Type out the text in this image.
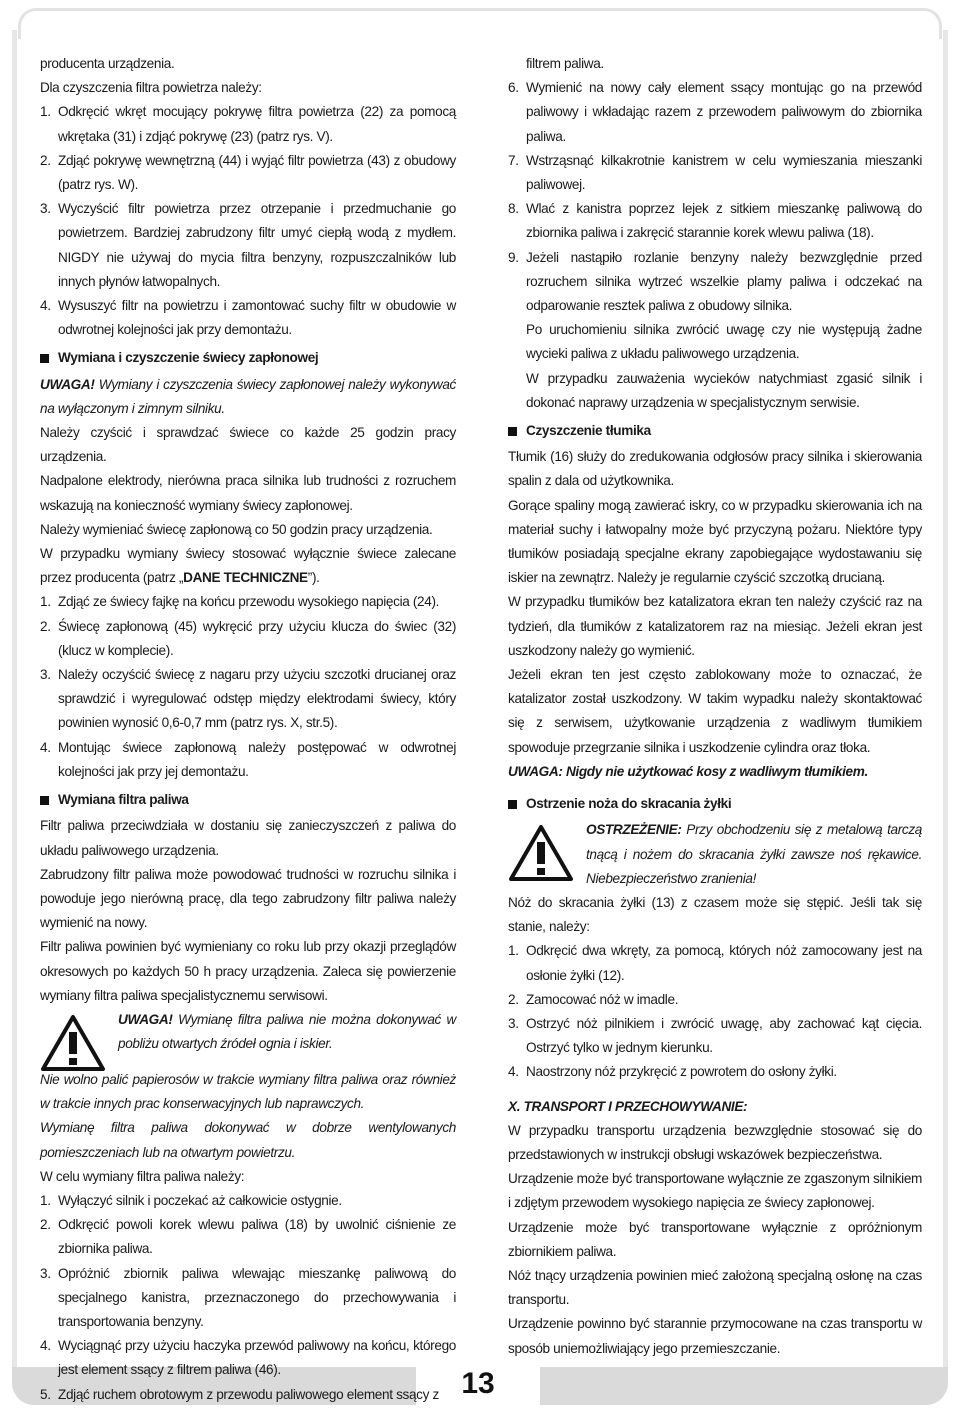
13

producenta urządzenia.

Dla czyszczenia filtra powietrza należy:

1. Odkręcić wkręt mocujący pokrywę filtra powietrza (22) za pomocą wkrętaka (31) i zdjąć pokrywę (23) (patrz rys. V).
2. Zdjąć pokrywę wewnętrzną (44) i wyjąć filtr powietrza (43) z obudowy (patrz rys. W).
3. Wyczyścić filtr powietrza przez otrzepanie i przedmuchanie go powietrzem. Bardziej zabrudzony filtr umyć ciepłą wodą z mydłem. NIGDY nie używaj do mycia filtra benzyny, rozpuszczalników lub innych płynów łatwopalnych.
4. Wysuszyć filtr na powietrzu i zamontować suchy filtr w obudowie w odwrotnej kolejności jak przy demontażu.
Wymiana i czyszczenie świecy zapłonowej

UWAGA! Wymiany i czyszczenia świecy zapłonowej należy wykonywać na wyłączonym i zimnym silniku.

Należy czyścić i sprawdzać świece co każde 25 godzin pracy urządzenia.

Nadpalone elektrody, nierówna praca silnika lub trudności z rozruchem wskazują na konieczność wymiany świecy zapłonowej.

Należy wymieniać świecę zapłonową co 50 godzin pracy urządzenia.

W przypadku wymiany świecy stosować wyłącznie świece zalecane przez producenta (patrz „DANE TECHNICZNE”).

1. Zdjąć ze świecy fajkę na końcu przewodu wysokiego napięcia (24).
2. Świecę zapłonową (45) wykręcić przy użyciu klucza do świec (32) (klucz w komplecie).
3. Należy oczyścić świecę z nagaru przy użyciu szczotki drucianej oraz sprawdzić i wyregulować odstęp między elektrodami świecy, który powinien wynosić 0,6-0,7 mm (patrz rys. X, str.5).
4. Montując świece zapłonową należy postępować w odwrotnej kolejności jak przy jej demontażu.
Wymiana filtra paliwa

Filtr paliwa przeciwdziała w dostaniu się zanieczyszczeń z paliwa do układu paliwowego urządzenia.

Zabrudzony filtr paliwa może powodować trudności w rozruchu silnika i powoduje jego nierówną pracę, dla tego zabrudzony filtr paliwa należy wymienić na nowy.

Filtr paliwa powinien być wymieniany co roku lub przy okazji przeglądów okresowych po każdych 50 h pracy urządzenia. Zaleca się powierzenie wymiany filtra paliwa specjalistycznemu serwisowi.

UWAGA! Wymianę filtra paliwa nie można dokonywać w pobliżu otwartych źródeł ognia i iskier.

Nie wolno palić papierosów w trakcie wymiany filtra paliwa oraz również w trakcie innych prac konserwacyjnych lub naprawczych.

Wymianę filtra paliwa dokonywać w dobrze wentylowanych pomieszczeniach lub na otwartym powietrzu.

W celu wymiany filtra paliwa należy:

1. Wyłączyć silnik i poczekać aż całkowicie ostygnie.
2. Odkręcić powoli korek wlewu paliwa (18) by uwolnić ciśnienie ze zbiornika paliwa.
3. Opróżnić zbiornik paliwa wlewając mieszankę paliwową do specjalnego kanistra, przeznaczonego do przechowywania i transportowania benzyny.
4. Wyciągnąć przy użyciu haczyka przewód paliwowy na końcu, którego jest element ssący z filtrem paliwa (46).
5. Zdjąć ruchem obrotowym z przewodu paliwowego element ssący z

filtrem paliwa.

6. Wymienić na nowy cały element ssący montując go na przewód paliwowy i wkładając razem z przewodem paliwowym do zbiornika paliwa.
7. Wstrząsnąć kilkakrotnie kanistrem w celu wymieszania mieszanki paliwowej.
8. Wlać z kanistra poprzez lejek z sitkiem mieszankę paliwową do zbiornika paliwa i zakręcić starannie korek wlewu paliwa (18).
9. Jeżeli nastąpiło rozlanie benzyny należy bezwzględnie przed rozruchem silnika wytrzeć wszelkie plamy paliwa i odczekać na odparowanie resztek paliwa z obudowy silnika.

Po uruchomieniu silnika zwrócić uwagę czy nie występują żadne wycieki paliwa z układu paliwowego urządzenia.

W przypadku zauważenia wycieków natychmiast zgasić silnik i dokonać naprawy urządzenia w specjalistycznym serwisie.

Czyszczenie tłumika

Tłumik (16) służy do zredukowania odgłosów pracy silnika i skierowania spalin z dala od użytkownika.

Gorące spaliny mogą zawierać iskry, co w przypadku skierowania ich na materiał suchy i łatwopalny może być przyczyną pożaru. Niektóre typy tłumików posiadają specjalne ekrany zapobiegające wydostawaniu się iskier na zewnątrz. Należy je regularnie czyścić szczotką drucianą.

W przypadku tłumików bez katalizatora ekran ten należy czyścić raz na tydzień, dla tłumików z katalizatorem raz na miesiąc. Jeżeli ekran jest uszkodzony należy go wymienić.

Jeżeli ekran ten jest często zablokowany może to oznaczać, że katalizator został uszkodzony. W takim wypadku należy skontaktować się z serwisem, użytkowanie urządzenia z wadliwym tłumikiem spowoduje przegrzanie silnika i uszkodzenie cylindra oraz tłoka.

UWAGA: Nigdy nie użytkować kosy z wadliwym tłumikiem.

Ostrzenie noża do skracania żyłki

OSTRZEŻENIE: Przy obchodzeniu się z metalową tarczą tnącą i nożem do skracania żyłki zawsze noś rękawice. Niebezpieczeństwo zranienia!

Nóż do skracania żyłki (13) z czasem może się stępić. Jeśli tak się stanie, należy:

1. Odkręcić dwa wkręty, za pomocą, których nóż zamocowany jest na osłonie żyłki (12).
2. Zamocować nóż w imadle.
3. Ostrzyć nóż pilnikiem i zwrócić uwagę, aby zachować kąt cięcia. Ostrzyć tylko w jednym kierunku.
4. Naostrzony nóż przykręcić z powrotem do osłony żyłki.

X. TRANSPORT I PRZECHOWYWANIE:

W przypadku transportu urządzenia bezwzględnie stosować się do przedstawionych w instrukcji obsługi wskazówek bezpieczeństwa.

Urządzenie może być transportowane wyłącznie ze zgaszonym silnikiem i zdjętym przewodem wysokiego napięcia ze świecy zapłonowej.

Urządzenie może być transportowane wyłącznie z opróżnionym zbiornikiem paliwa.

Nóż tnący urządzenia powinien mieć założoną specjalną osłonę na czas transportu.

Urządzenie powinno być starannie przymocowane na czas transportu w sposób uniemożliwiający jego przemieszczanie.
